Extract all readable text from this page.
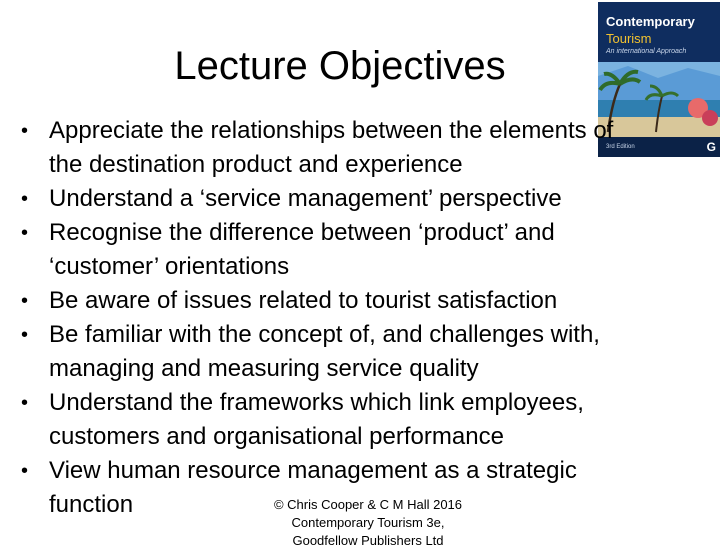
Lecture Objectives
Contemporary
Tourism
An international Approach
3rd Edition	G
• Appreciate the relationships between the elements of
the destination product and experience
• Understand a ‘service management’ perspective
• Recognise the difference between ‘product’ and
‘customer’ orientations
• Be aware of issues related to tourist satisfaction
• Be familiar with the concept of, and challenges with,
managing and measuring service quality
• Understand the frameworks which link employees,
customers and organisational performance
• View human resource management as a strategic
function	© Chris Cooper & C M Hall 2016
Contemporary Tourism 3e,
Goodfellow Publishers Ltd
